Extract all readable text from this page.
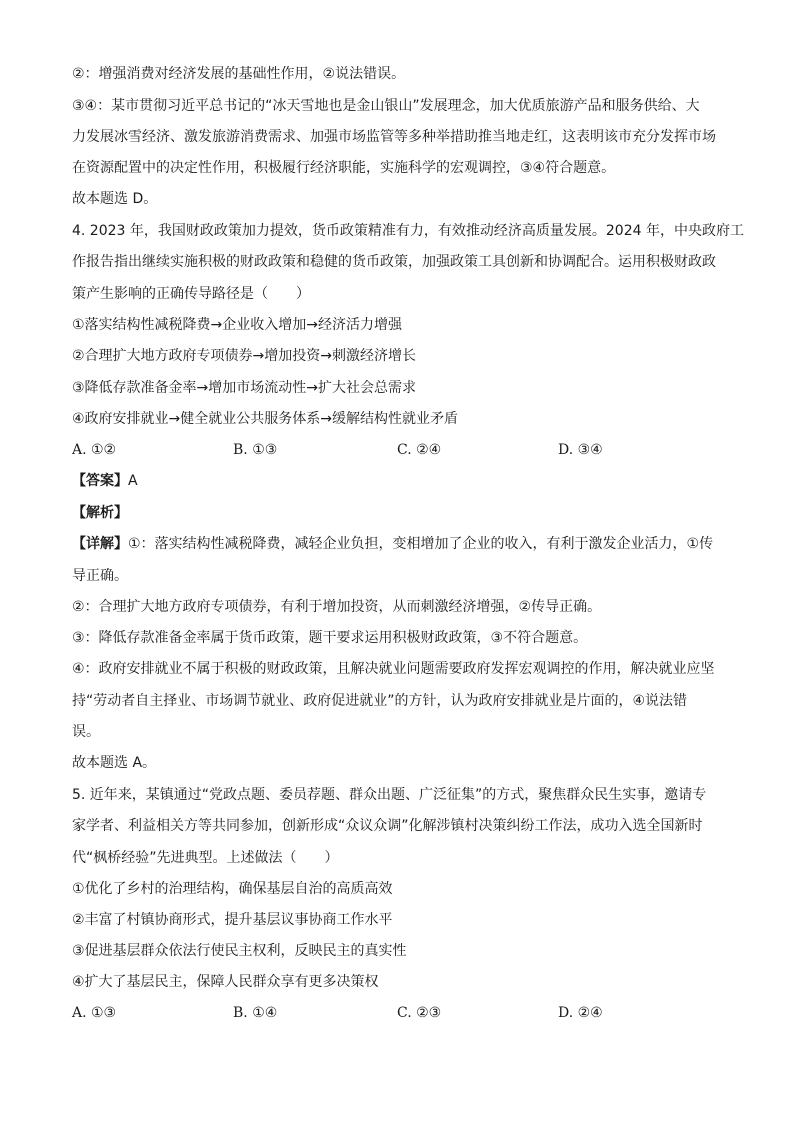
②：增强消费对经济发展的基础性作用，②说法错误。
③④：某市贯彻习近平总书记的“冰天雪地也是金山银山”发展理念，加大优质旅游产品和服务供给、大
力发展冰雪经济、激发旅游消费需求、加强市场监管等多种举措助推当地走红，这表明该市充分发挥市场
在资源配置中的决定性作用，积极履行经济职能，实施科学的宏观调控，③④符合题意。
故本题选 D。
4. 2023 年，我国财政政策加力提效，货币政策精准有力，有效推动经济高质量发展。2024 年，中央政府工
作报告指出继续实施积极的财政政策和稳健的货币政策，加强政策工具创新和协调配合。运用积极财政政
策产生影响的正确传导路径是（　　）
①落实结构性减税降费→企业收入增加→经济活力增强
②合理扩大地方政府专项债券→增加投资→刺激经济增长
③降低存款准备金率→增加市场流动性→扩大社会总需求
④政府安排就业→健全就业公共服务体系→缓解结构性就业矛盾
A. ①②	B. ①③	C. ②④	D. ③④
【答案】A
【解析】
【详解】①：落实结构性减税降费，减轻企业负担，变相增加了企业的收入，有利于激发企业活力，①传
导正确。
②：合理扩大地方政府专项债券，有利于增加投资，从而刺激经济增强，②传导正确。
③：降低存款准备金率属于货币政策，题干要求运用积极财政政策，③不符合题意。
④：政府安排就业不属于积极的财政政策，且解决就业问题需要政府发挥宏观调控的作用，解决就业应坚
持“劳动者自主择业、市场调节就业、政府促进就业”的方针，认为政府安排就业是片面的，④说法错
误。
故本题选 A。
5. 近年来，某镇通过“党政点题、委员荐题、群众出题、广泛征集”的方式，聚焦群众民生实事，邀请专
家学者、利益相关方等共同参加，创新形成“众议众调”化解涉镇村决策纠纷工作法，成功入选全国新时
代“枫桥经验”先进典型。上述做法（　　）
①优化了乡村的治理结构，确保基层自治的高质高效
②丰富了村镇协商形式，提升基层议事协商工作水平
③促进基层群众依法行使民主权利，反映民主的真实性
④扩大了基层民主，保障人民群众享有更多决策权
A. ①③	B. ①④	C. ②③	D. ②④
